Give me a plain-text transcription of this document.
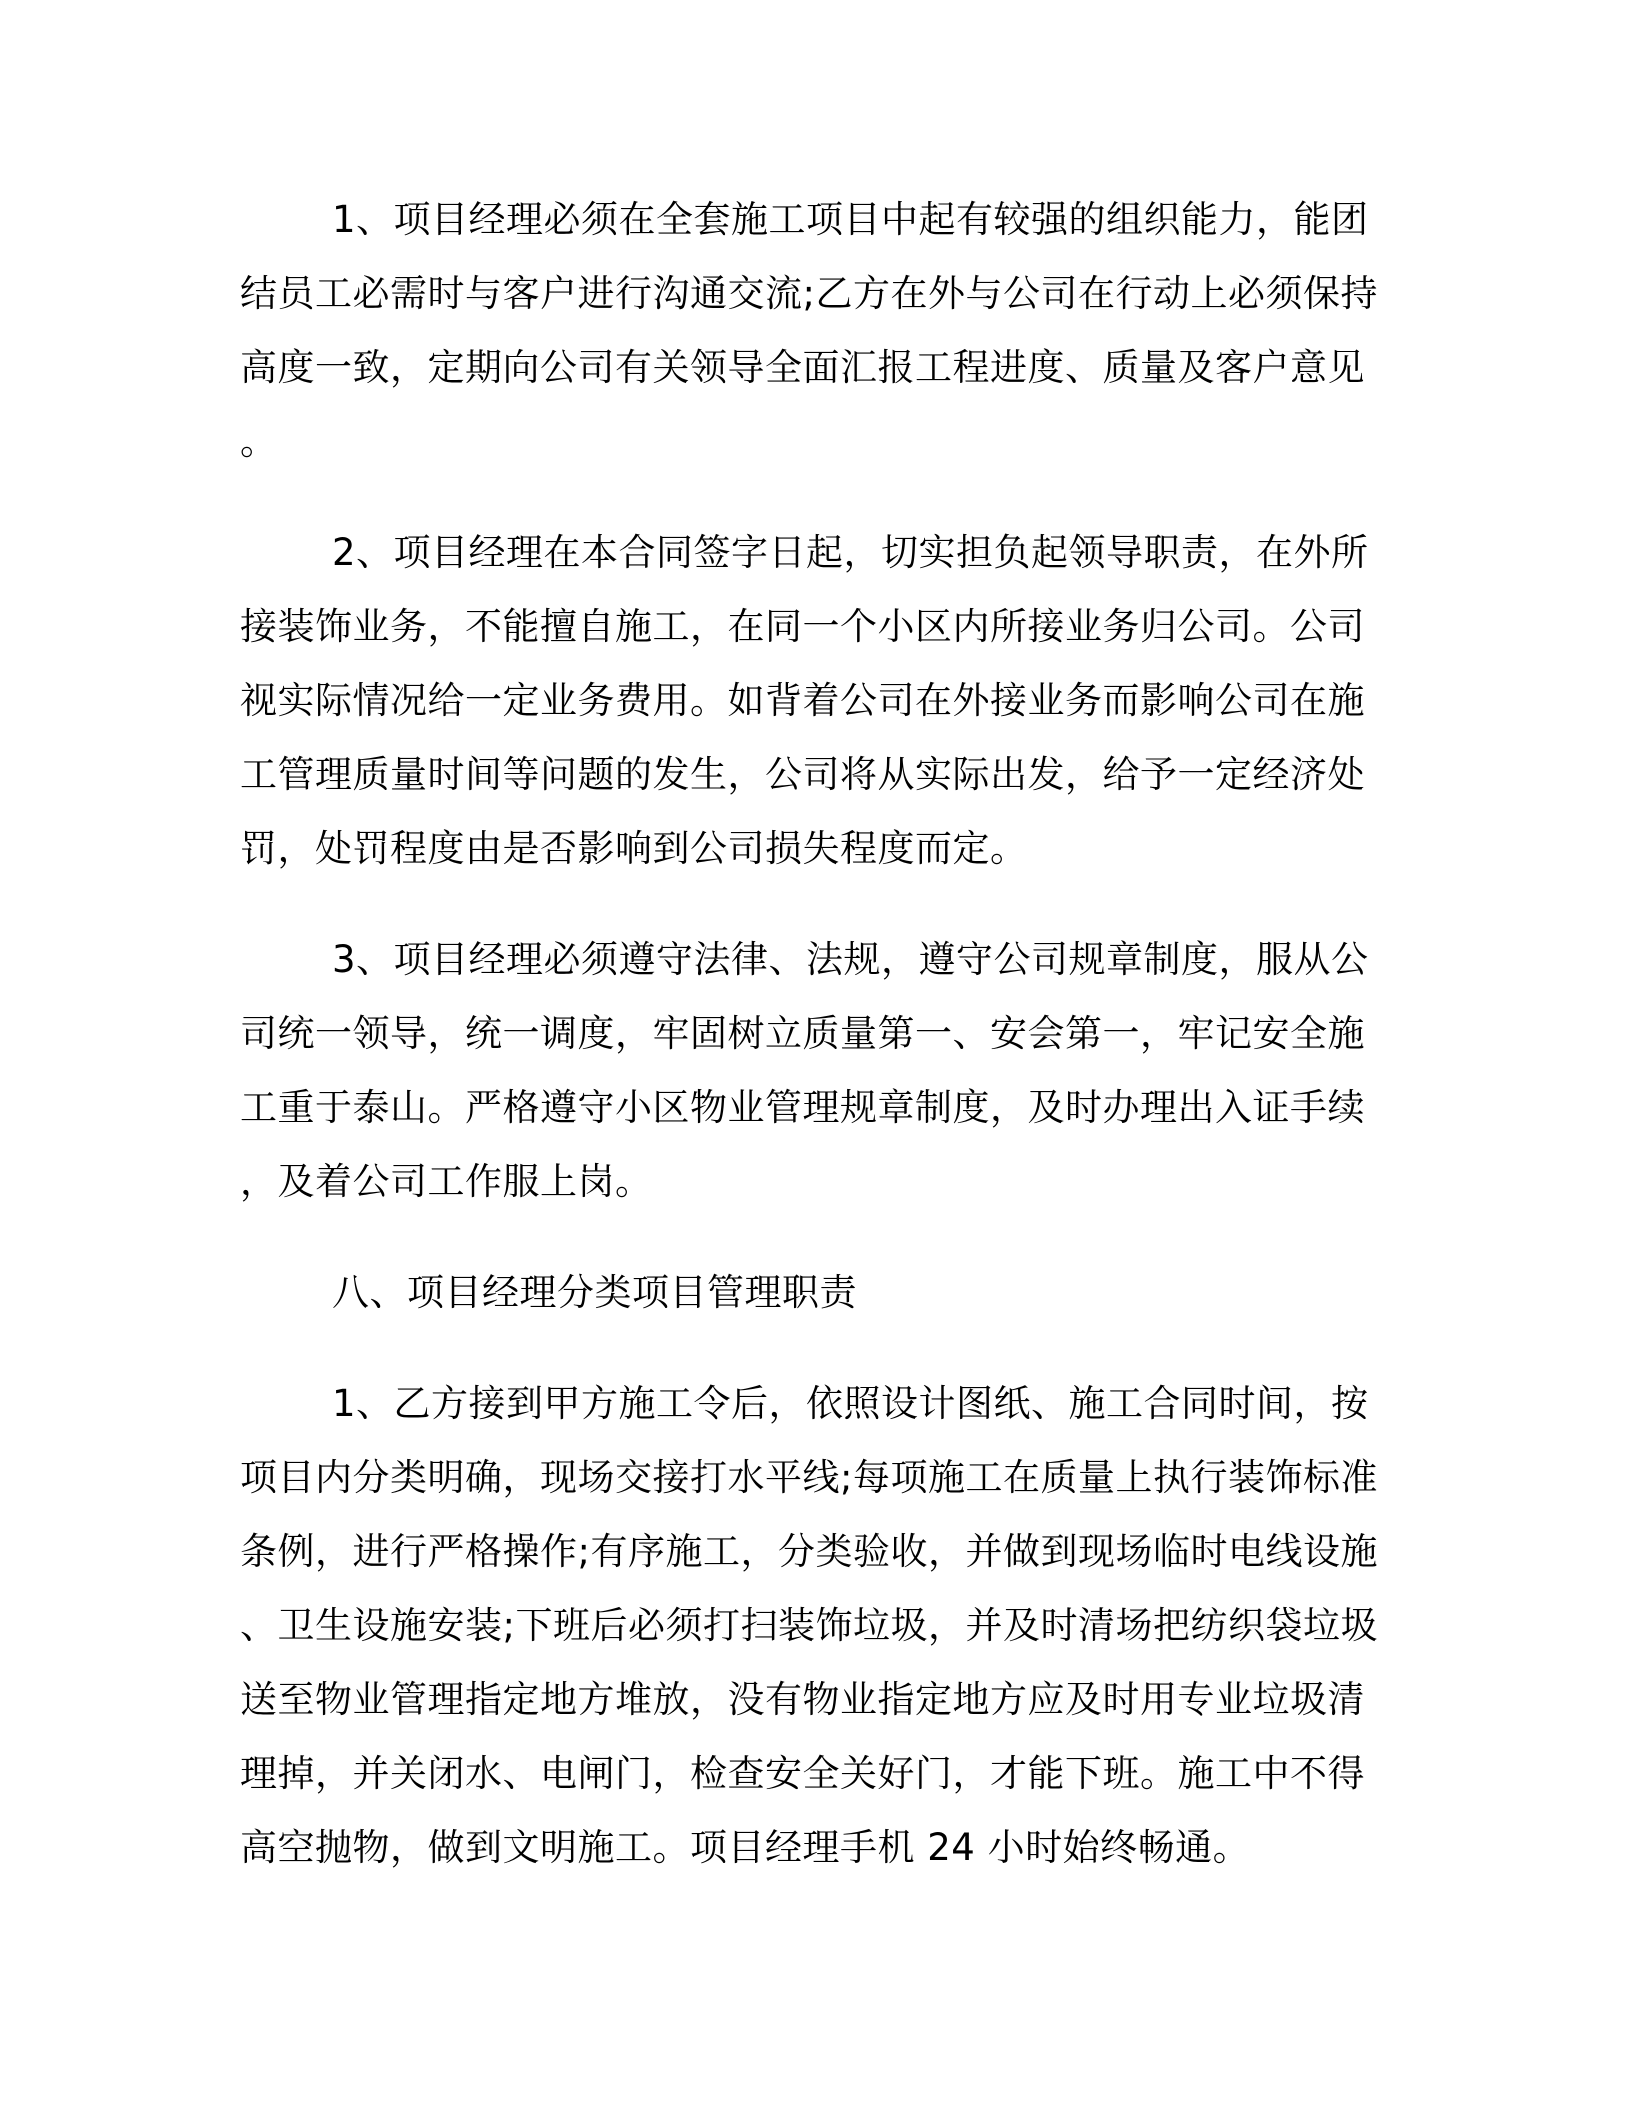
1、项目经理必须在全套施工项目中起有较强的组织能力，能团结员工必需时与客户进行沟通交流;乙方在外与公司在行动上必须保持高度一致，定期向公司有关领导全面汇报工程进度、质量及客户意见。

2、项目经理在本合同签字日起，切实担负起领导职责，在外所接装饰业务，不能擅自施工，在同一个小区内所接业务归公司。公司视实际情况给一定业务费用。如背着公司在外接业务而影响公司在施工管理质量时间等问题的发生，公司将从实际出发，给予一定经济处罚，处罚程度由是否影响到公司损失程度而定。

3、项目经理必须遵守法律、法规，遵守公司规章制度，服从公司统一领导，统一调度，牢固树立质量第一、安会第一，牢记安全施工重于泰山。严格遵守小区物业管理规章制度，及时办理出入证手续，及着公司工作服上岗。

八、项目经理分类项目管理职责

1、乙方接到甲方施工令后，依照设计图纸、施工合同时间，按项目内分类明确，现场交接打水平线;每项施工在质量上执行装饰标准条例，进行严格操作;有序施工，分类验收，并做到现场临时电线设施、卫生设施安装;下班后必须打扫装饰垃圾，并及时清场把纺织袋垃圾送至物业管理指定地方堆放，没有物业指定地方应及时用专业垃圾清理掉，并关闭水、电闸门，检查安全关好门，才能下班。施工中不得高空抛物，做到文明施工。项目经理手机 24 小时始终畅通。
